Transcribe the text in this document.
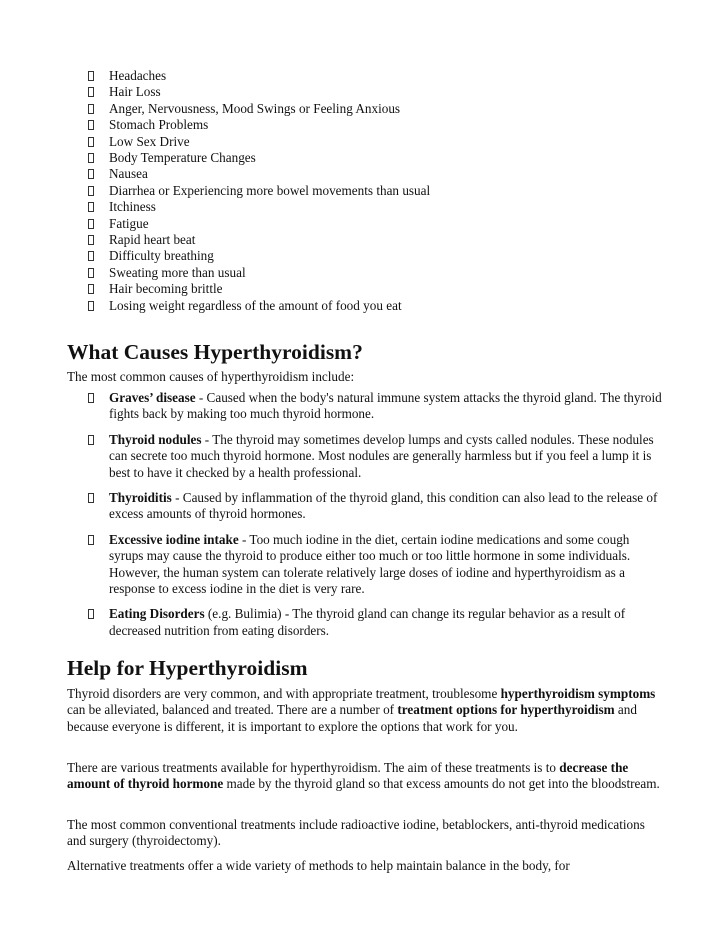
Headaches
Hair Loss
Anger, Nervousness, Mood Swings or Feeling Anxious
Stomach Problems
Low Sex Drive
Body Temperature Changes
Nausea
Diarrhea or Experiencing more bowel movements than usual
Itchiness
Fatigue
Rapid heart beat
Difficulty breathing
Sweating more than usual
Hair becoming brittle
Losing weight regardless of the amount of food you eat
What Causes Hyperthyroidism?

The most common causes of hyperthyroidism include:

Graves’ disease - Caused when the body's natural immune system attacks the thyroid gland. The thyroid fights back by making too much thyroid hormone.
Thyroid nodules - The thyroid may sometimes develop lumps and cysts called nodules. These nodules can secrete too much thyroid hormone. Most nodules are generally harmless but if you feel a lump it is best to have it checked by a health professional.
Thyroiditis - Caused by inflammation of the thyroid gland, this condition can also lead to the release of excess amounts of thyroid hormones.
Excessive iodine intake - Too much iodine in the diet, certain iodine medications and some cough syrups may cause the thyroid to produce either too much or too little hormone in some individuals. However, the human system can tolerate relatively large doses of iodine and hyperthyroidism as a response to excess iodine in the diet is very rare.
Eating Disorders (e.g. Bulimia) - The thyroid gland can change its regular behavior as a result of decreased nutrition from eating disorders.
Help for Hyperthyroidism

Thyroid disorders are very common, and with appropriate treatment, troublesome hyperthyroidism symptoms can be alleviated, balanced and treated. There are a number of treatment options for hyperthyroidism and because everyone is different, it is important to explore the options that work for you.

There are various treatments available for hyperthyroidism. The aim of these treatments is to decrease the amount of thyroid hormone made by the thyroid gland so that excess amounts do not get into the bloodstream.

The most common conventional treatments include radioactive iodine, betablockers, anti-thyroid medications and surgery (thyroidectomy).

Alternative treatments offer a wide variety of methods to help maintain balance in the body, for
